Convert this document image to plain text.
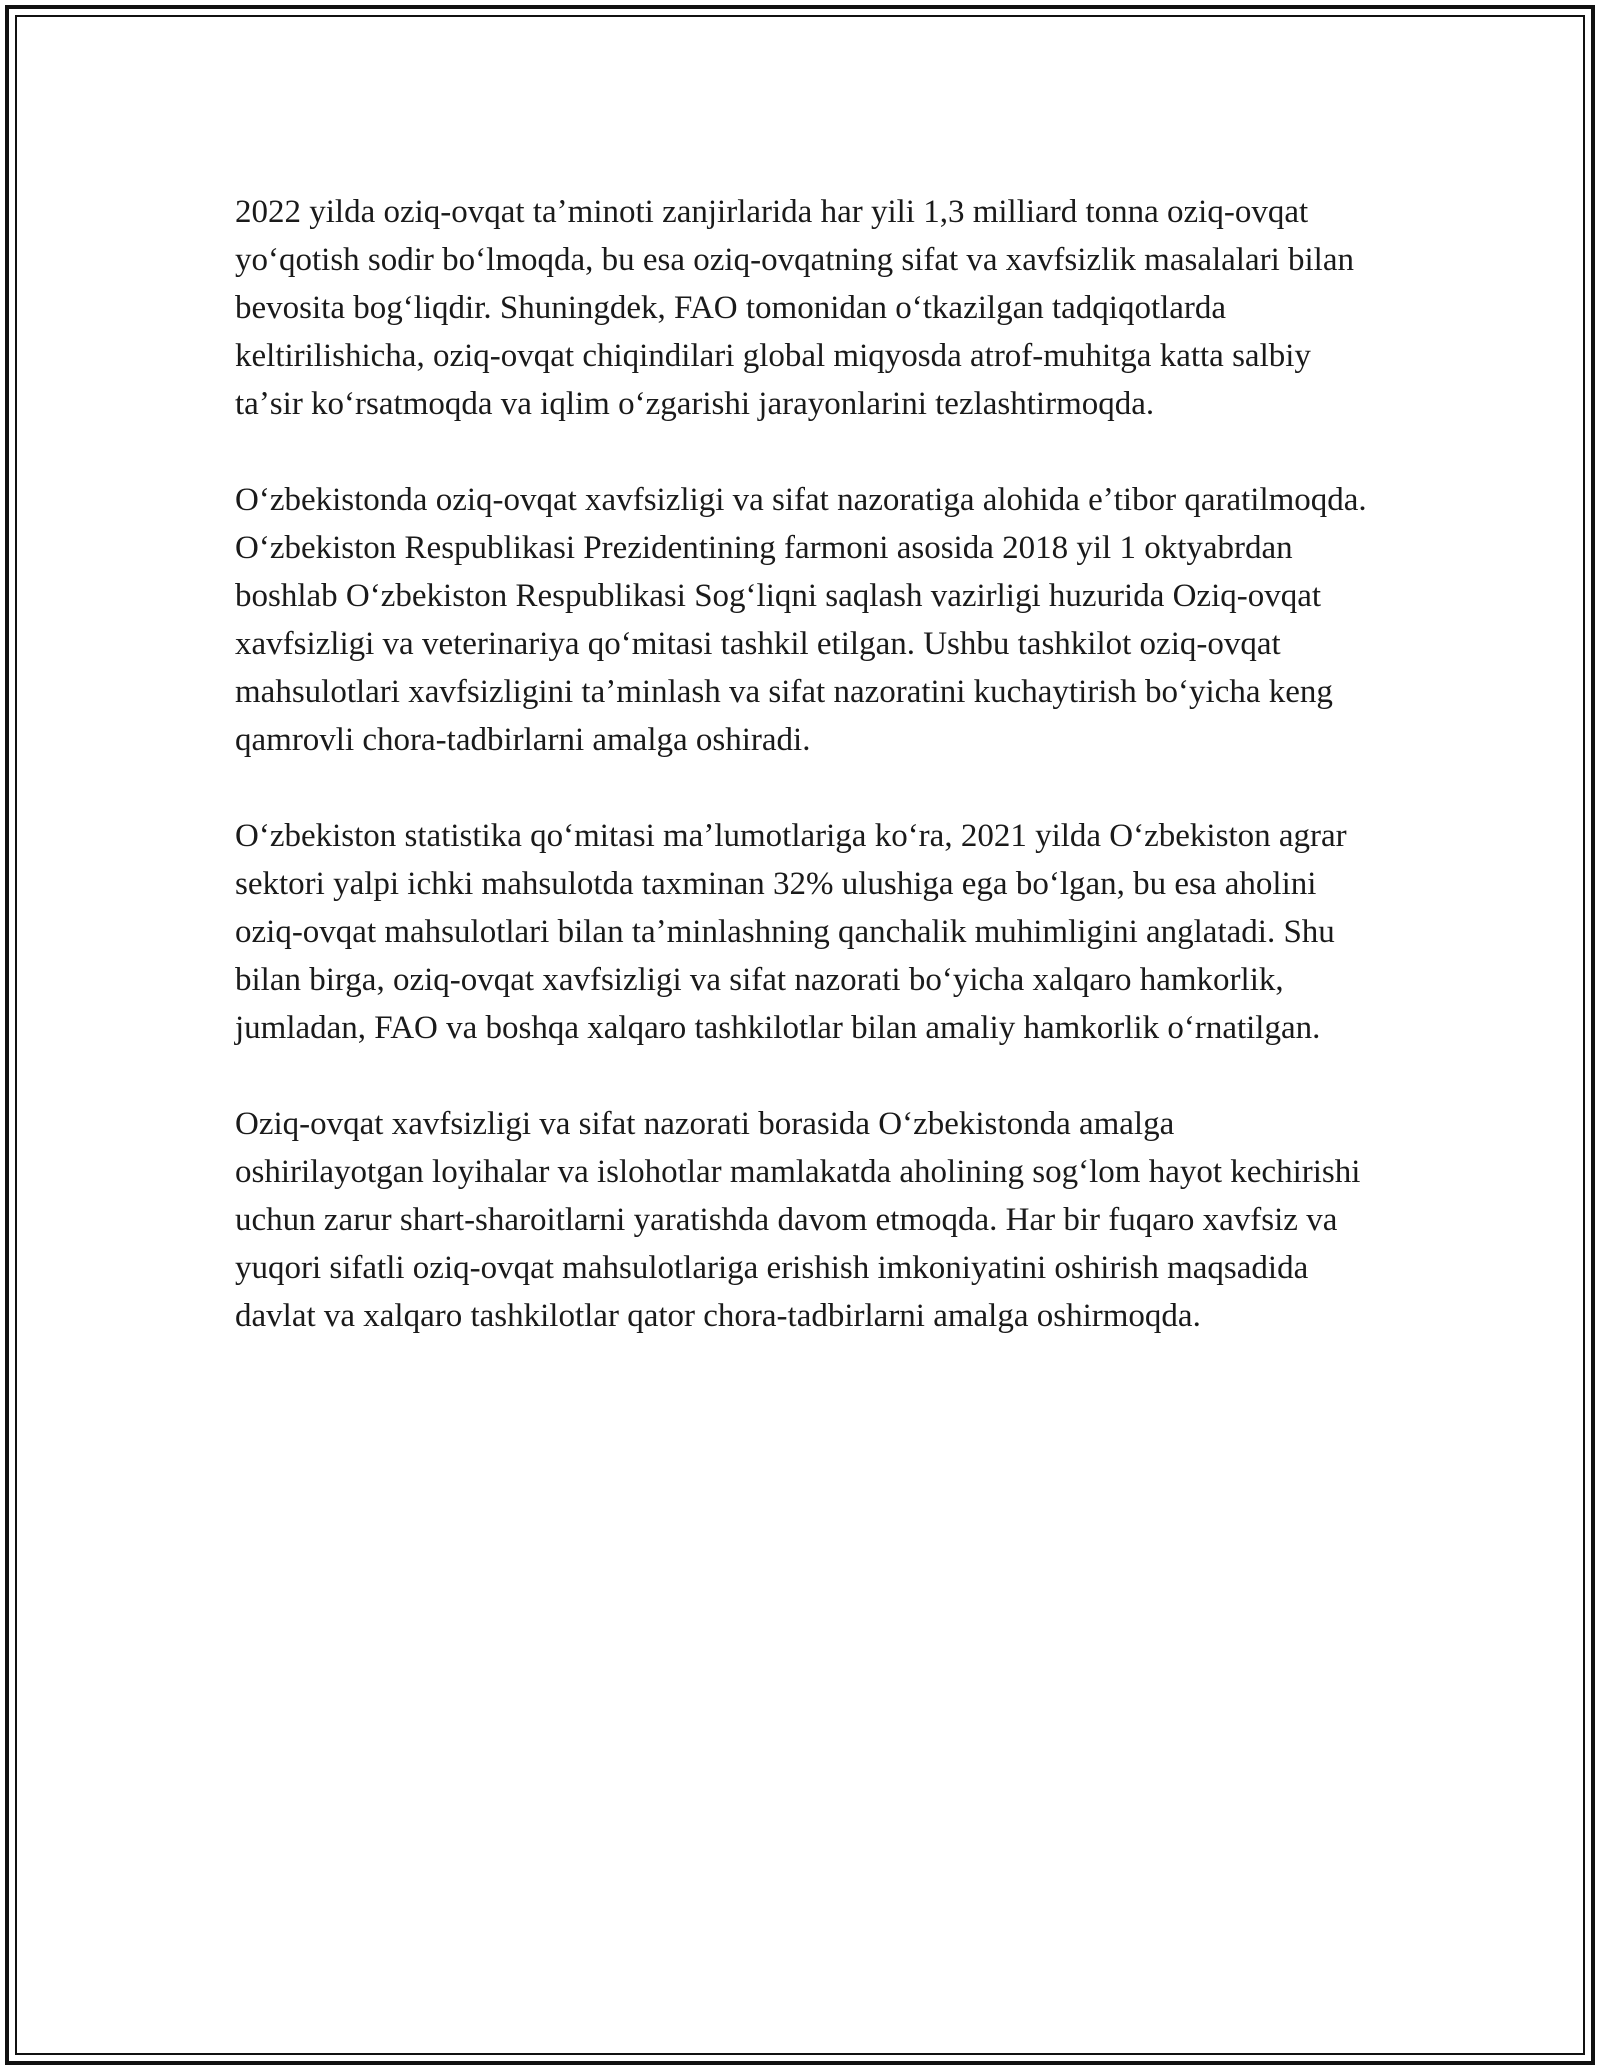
2022 yilda oziq-ovqat taʼminoti zanjirlarida har yili 1,3 milliard tonna oziq-ovqat yoʻqotish sodir boʻlmoqda, bu esa oziq-ovqatning sifat va xavfsizlik masalalari bilan bevosita bogʻliqdir. Shuningdek, FAO tomonidan oʻtkazilgan tadqiqotlarda keltirilishicha, oziq-ovqat chiqindilari global miqyosda atrof-muhitga katta salbiy taʼsir koʻrsatmoqda va iqlim oʻzgarishi jarayonlarini tezlashtirmoqda.

Oʻzbekistonda oziq-ovqat xavfsizligi va sifat nazoratiga alohida eʼtibor qaratilmoqda. Oʻzbekiston Respublikasi Prezidentining farmoni asosida 2018 yil 1 oktyabrdan boshlab Oʻzbekiston Respublikasi Sogʻliqni saqlash vazirligi huzurida Oziq-ovqat xavfsizligi va veterinariya qoʻmitasi tashkil etilgan. Ushbu tashkilot oziq-ovqat mahsulotlari xavfsizligini taʼminlash va sifat nazoratini kuchaytirish boʻyicha keng qamrovli chora-tadbirlarni amalga oshiradi.

Oʻzbekiston statistika qoʻmitasi maʼlumotlariga koʻra, 2021 yilda Oʻzbekiston agrar sektori yalpi ichki mahsulotda taxminan 32% ulushiga ega boʻlgan, bu esa aholini oziq-ovqat mahsulotlari bilan taʼminlashning qanchalik muhimligini anglatadi. Shu bilan birga, oziq-ovqat xavfsizligi va sifat nazorati boʻyicha xalqaro hamkorlik, jumladan, FAO va boshqa xalqaro tashkilotlar bilan amaliy hamkorlik oʻrnatilgan.

Oziq-ovqat xavfsizligi va sifat nazorati borasida Oʻzbekistonda amalga oshirilayotgan loyihalar va islohotlar mamlakatda aholining sogʻlom hayot kechirishi uchun zarur shart-sharoitlarni yaratishda davom etmoqda. Har bir fuqaro xavfsiz va yuqori sifatli oziq-ovqat mahsulotlariga erishish imkoniyatini oshirish maqsadida davlat va xalqaro tashkilotlar qator chora-tadbirlarni amalga oshirmoqda.
